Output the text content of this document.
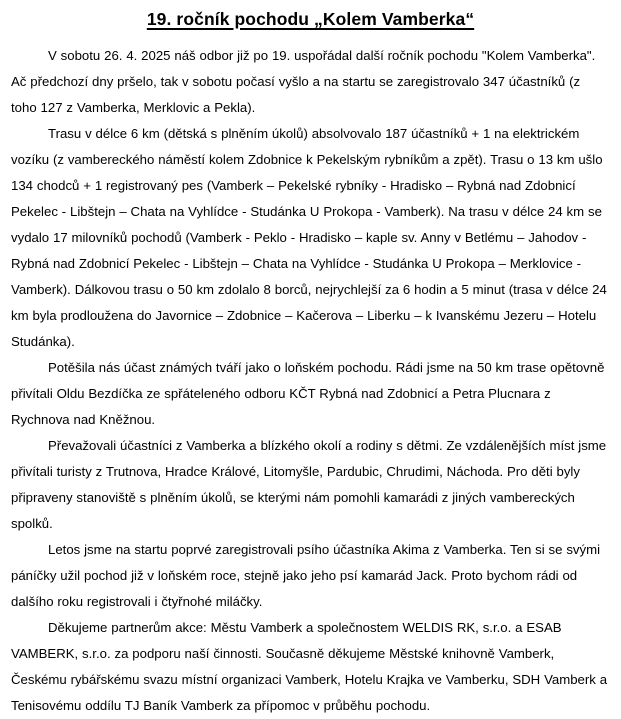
19. ročník pochodu „Kolem Vamberka“

V sobotu 26. 4. 2025 náš odbor již po 19. uspořádal další ročník pochodu "Kolem Vamberka". Ač předchozí dny pršelo, tak v sobotu počasí vyšlo a na startu se zaregistrovalo 347 účastníků (z toho 127 z Vamberka, Merklovic a Pekla).

Trasu v délce 6 km (dětská s plněním úkolů) absolvovalo 187 účastníků + 1 na elektrickém vozíku (z vambereckého náměstí kolem Zdobnice k Pekelským rybníkům a zpět). Trasu o 13 km ušlo 134 chodců + 1 registrovaný pes (Vamberk – Pekelské rybníky - Hradisko – Rybná nad Zdobnicí Pekelec - Libštejn – Chata na Vyhlídce - Studánka U Prokopa - Vamberk). Na trasu v délce 24 km se vydalo 17 milovníků pochodů (Vamberk - Peklo - Hradisko – kaple sv. Anny v Betlému – Jahodov - Rybná nad Zdobnicí Pekelec - Libštejn – Chata na Vyhlídce - Studánka U Prokopa – Merklovice - Vamberk). Dálkovou trasu o 50 km zdolalo 8 borců, nejrychlejší za 6 hodin a 5 minut (trasa v délce 24 km byla prodloužena do Javornice – Zdobnice – Kačerova – Liberku – k Ivanskému Jezeru – Hotelu Studánka).

Potěšila nás účast známých tváří jako o loňském pochodu. Rádi jsme na 50 km trase opětovně přivítali Oldu Bezdíčka ze spřáteleného odboru KČT Rybná nad Zdobnicí a Petra Plucnara z Rychnova nad Kněžnou.

Převažovali účastníci z Vamberka a blízkého okolí a rodiny s dětmi. Ze vzdálenějších míst jsme přivítali turisty z Trutnova, Hradce Králové, Litomyšle, Pardubic, Chrudimi, Náchoda. Pro děti byly připraveny stanoviště s plněním úkolů, se kterými nám pomohli kamarádi z jiných vambereckých spolků.

Letos jsme na startu poprvé zaregistrovali psího účastníka Akima z Vamberka. Ten si se svými páníčky užil pochod již v loňském roce, stejně jako jeho psí kamarád Jack. Proto bychom rádi od dalšího roku registrovali i čtyřnohé miláčky.

Děkujeme partnerům akce: Městu Vamberk a společnostem WELDIS RK, s.r.o. a ESAB VAMBERK, s.r.o. za podporu naší činnosti. Současně děkujeme Městské knihovně Vamberk, Českému rybářskému svazu místní organizaci Vamberk, Hotelu Krajka ve Vamberku, SDH Vamberk a Tenisovému oddílu TJ Baník Vamberk za přípomoc v průběhu pochodu.
